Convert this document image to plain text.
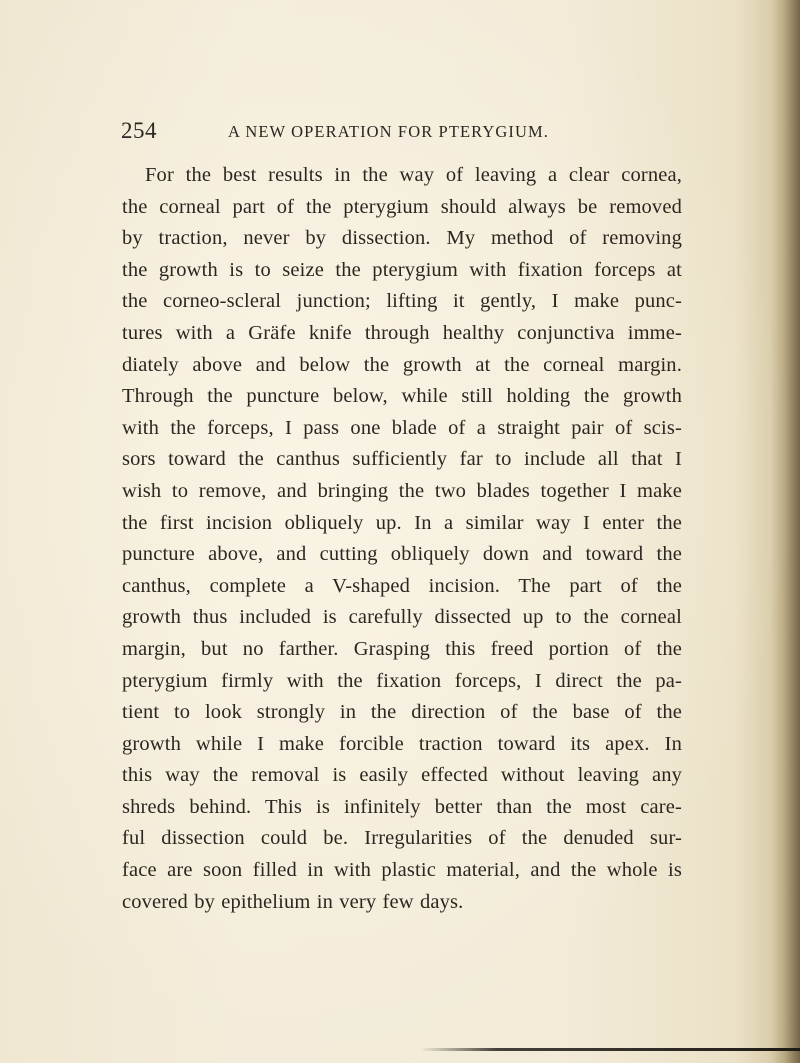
254	A NEW OPERATION FOR PTERYGIUM.

For the best results in the way of leaving a clear cornea,
the corneal part of the pterygium should always be removed
by traction, never by dissection. My method of removing
the growth is to seize the pterygium with fixation forceps at
the corneo-scleral junction; lifting it gently, I make punc-
tures with a Gräfe knife through healthy conjunctiva imme-
diately above and below the growth at the corneal margin.
Through the puncture below, while still holding the growth
with the forceps, I pass one blade of a straight pair of scis-
sors toward the canthus sufficiently far to include all that I
wish to remove, and bringing the two blades together I make
the first incision obliquely up. In a similar way I enter the
puncture above, and cutting obliquely down and toward the
canthus, complete a V-shaped incision. The part of the
growth thus included is carefully dissected up to the corneal
margin, but no farther. Grasping this freed portion of the
pterygium firmly with the fixation forceps, I direct the pa-
tient to look strongly in the direction of the base of the
growth while I make forcible traction toward its apex. In
this way the removal is easily effected without leaving any
shreds behind. This is infinitely better than the most care-
ful dissection could be. Irregularities of the denuded sur-
face are soon filled in with plastic material, and the whole is
covered by epithelium in very few days.
